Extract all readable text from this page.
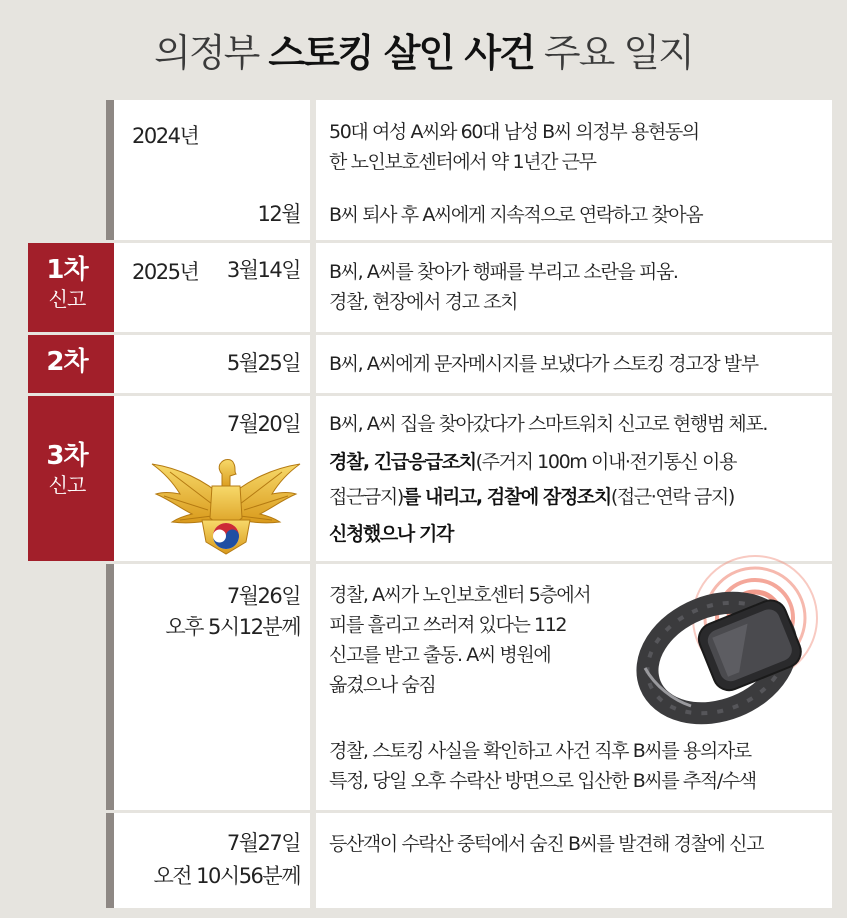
의정부 스토킹 살인 사건 주요 일지
2024년
12월
50대 여성 A씨와 60대 남성 B씨 의정부 용현동의
한 노인보호센터에서 약 1년간 근무
B씨 퇴사 후 A씨에게 지속적으로 연락하고 찾아옴
1차
신고
2025년 3월14일 B씨, A씨를 찾아가 행패를 부리고 소란을 피움.
경찰, 현장에서 경고 조치
2차	5월25일 B씨, A씨에게 문자메시지를 보냈다가 스토킹 경고장 발부
3차
신고
7월20일 B씨, A씨 집을 찾아갔다가 스마트워치 신고로 현행범 체포.
경찰, 긴급응급조치(주거지 100m 이내·전기통신 이용
접근금지)를 내리고, 검찰에 잠정조치(접근·연락 금지)
신청했으나 기각
7월26일
오후 5시12분께
경찰, A씨가 노인보호센터 5층에서
피를 흘리고 쓰러져 있다는 112
신고를 받고 출동. A씨 병원에
옮겼으나 숨짐
경찰, 스토킹 사실을 확인하고 사건 직후 B씨를 용의자로
특정, 당일 오후 수락산 방면으로 입산한 B씨를 추적/수색
7월27일
오전 10시56분께
등산객이 수락산 중턱에서 숨진 B씨를 발견해 경찰에 신고
